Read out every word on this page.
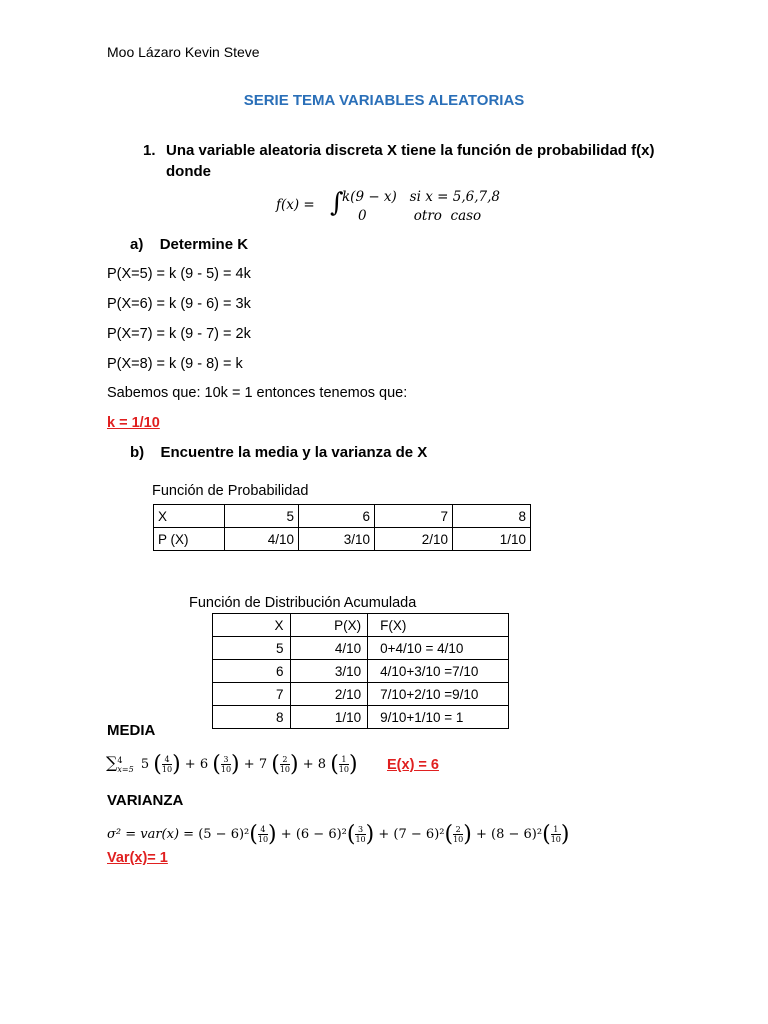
Moo Lázaro Kevin Steve
SERIE TEMA VARIABLES ALEATORIAS
1. Una variable aleatoria discreta X tiene la función de probabilidad f(x)
donde
f(x) = ∫
k(9 − x)   si x = 5,6,7,8
0           otro  caso
a) Determine K
P(X=5) = k (9 - 5) = 4k
P(X=6) = k (9 - 6) = 3k
P(X=7) = k (9 - 7) = 2k
P(X=8) = k (9 - 8) = k
Sabemos que: 10k = 1 entonces tenemos que:
k = 1/10
b) Encuentre la media y la varianza de X
Función de Probabilidad
X	5	6	7	8
P (X)	4/10	3/10	2/10	1/10
Función de Distribución Acumulada
X	P(X)	F(X)
5	4/10	0+4/10 = 4/10
6	3/10	4/10+3/10 =7/10
7	2/10	7/10+2/10 =9/10
8	1/10	9/10+1/10 = 1
MEDIA
∑ 4
x=5 5 ( $\frac{4}{10}$ ) + 6 ( $\frac{3}{10}$ ) + 7 ( $\frac{2}{10}$ ) + 8 ( $\frac{1}{10}$ ) E(x) = 6
VARIANZA
$\sigma^2 = var(x) = (5 - 6)^2( \frac{4}{10}$ ) + $(6 - 6)^2( \frac{3}{10}$ ) + $(7 - 6)^2( \frac{2}{10}$ ) + $(8 - 6)^2( \frac{1}{10}$ )
Var(x)= 1
